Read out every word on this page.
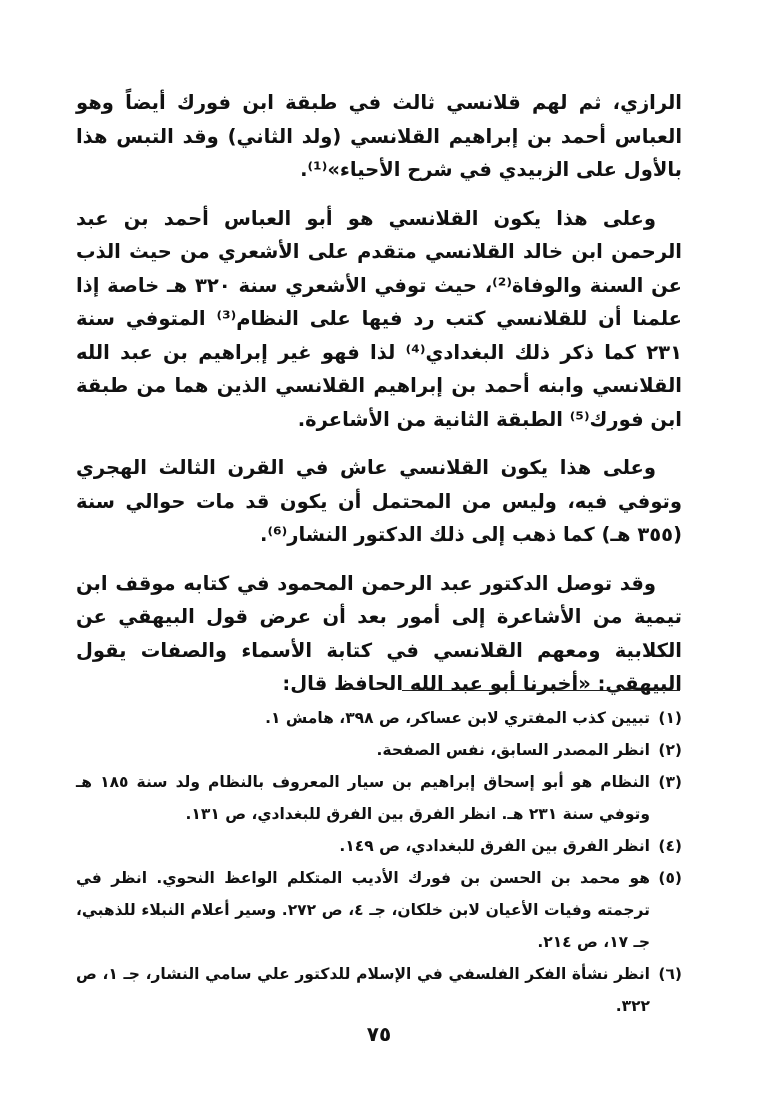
الرازي، ثم لهم قلانسي ثالث في طبقة ابن فورك أيضاً وهو العباس أحمد بن إبراهيم القلانسي (ولد الثاني) وقد التبس هذا بالأول على الزبيدي في شرح الأحياء»⁽¹⁾.

وعلى هذا يكون القلانسي هو أبو العباس أحمد بن عبد الرحمن ابن خالد القلانسي متقدم على الأشعري من حيث الذب عن السنة والوفاة⁽²⁾، حيث توفي الأشعري سنة ٣٢٠ هـ خاصة إذا علمنا أن للقلانسي كتب رد فيها على النظام⁽³⁾ المتوفي سنة ٢٣١ كما ذكر ذلك البغدادي⁽⁴⁾ لذا فهو غير إبراهيم بن عبد الله القلانسي وابنه أحمد بن إبراهيم القلانسي الذين هما من طبقة ابن فورك⁽⁵⁾ الطبقة الثانية من الأشاعرة.

وعلى هذا يكون القلانسي عاش في القرن الثالث الهجري وتوفي فيه، وليس من المحتمل أن يكون قد مات حوالي سنة (٣٥٥ هـ) كما ذهب إلى ذلك الدكتور النشار⁽⁶⁾.

وقد توصل الدكتور عبد الرحمن المحمود في كتابه موقف ابن تيمية من الأشاعرة إلى أمور بعد أن عرض قول البيهقي عن الكلابية ومعهم القلانسي في كتابة الأسماء والصفات يقول البيهقي: «أخبرنا أبو عبد الله الحافظ قال:

(١)
تبيين كذب المفتري لابن عساكر، ص ٣٩٨، هامش ١.
(٢)
انظر المصدر السابق، نفس الصفحة.
(٣)
النظام هو أبو إسحاق إبراهيم بن سيار المعروف بالنظام ولد سنة ١٨٥ هـ وتوفي سنة ٢٣١ هـ. انظر الفرق بين الفرق للبغدادي، ص ١٣١.
(٤)
انظر الفرق بين الفرق للبغدادي، ص ١٤٩.
(٥)
هو محمد بن الحسن بن فورك الأديب المتكلم الواعظ النحوي. انظر في ترجمته وفيات الأعيان لابن خلكان، جـ ٤، ص ٢٧٢. وسير أعلام النبلاء للذهبي، جـ ١٧، ص ٢١٤.
(٦)
انظر نشأة الفكر الفلسفي في الإسلام للدكتور علي سامي النشار، جـ ١، ص ٣٢٢.
٧٥
